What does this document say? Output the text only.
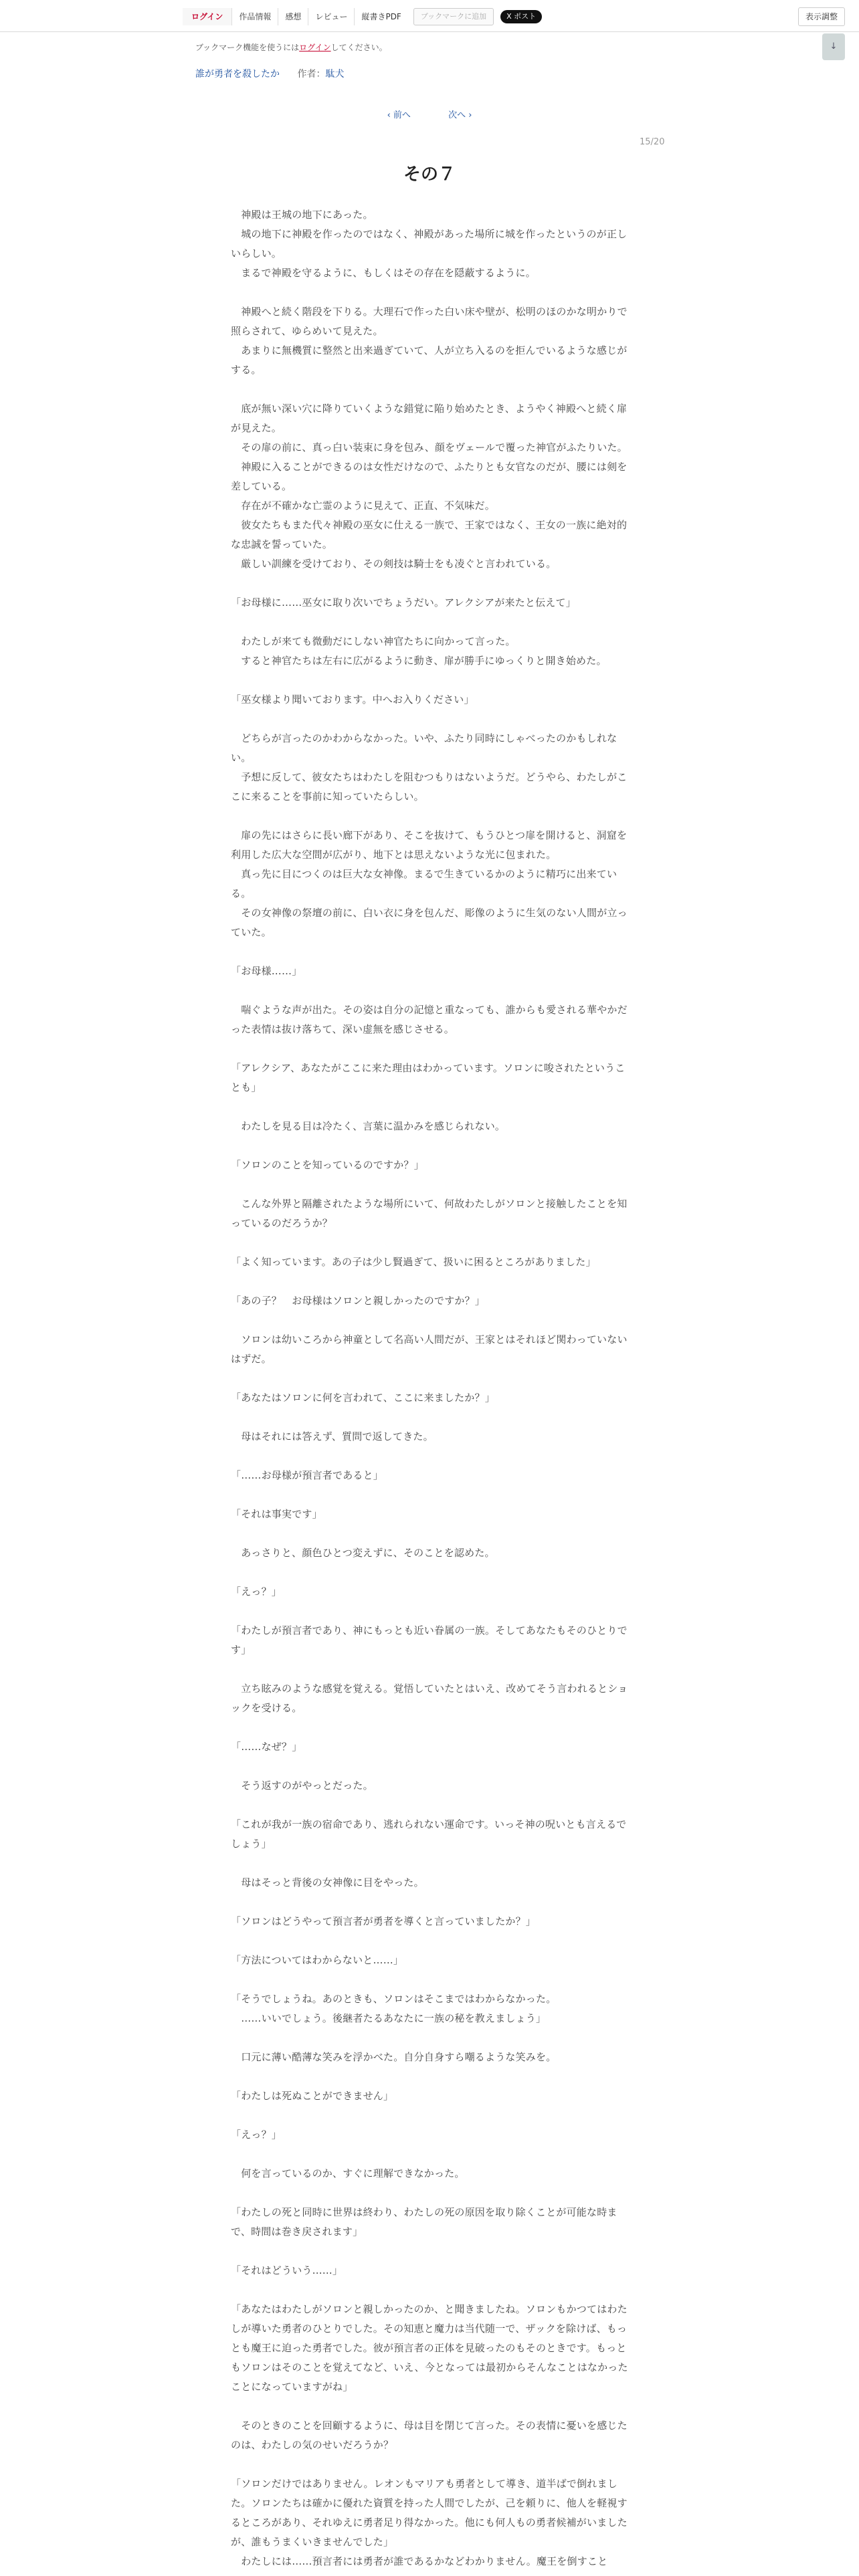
ログイン	作品情報	感想	レビュー	縦書きPDF	ブックマークに追加	X ポスト	表示調整
ブックマーク機能を使うにはログインしてください。	↓
誰が勇者を殺したか 作者：駄犬
‹ 前へ	次へ ›
15/20
その７

　神殿は王城の地下にあった。

　城の地下に神殿を作ったのではなく、神殿があった場所に城を作ったというのが正しいらしい。

　まるで神殿を守るように、もしくはその存在を隠蔽するように。

　神殿へと続く階段を下りる。大理石で作った白い床や壁が、松明のほのかな明かりで照らされて、ゆらめいて見えた。

　あまりに無機質に整然と出来過ぎていて、人が立ち入るのを拒んでいるような感じがする。

　底が無い深い穴に降りていくような錯覚に陥り始めたとき、ようやく神殿へと続く扉が見えた。

　その扉の前に、真っ白い装束に身を包み、顔をヴェールで覆った神官がふたりいた。

　神殿に入ることができるのは女性だけなので、ふたりとも女官なのだが、腰には剣を差している。

　存在が不確かな亡霊のように見えて、正直、不気味だ。

　彼女たちもまた代々神殿の巫女に仕える一族で、王家ではなく、王女の一族に絶対的な忠誠を誓っていた。

　厳しい訓練を受けており、その剣技は騎士をも凌ぐと言われている。

「お母様に……巫女に取り次いでちょうだい。アレクシアが来たと伝えて」

　わたしが来ても微動だにしない神官たちに向かって言った。

　すると神官たちは左右に広がるように動き、扉が勝手にゆっくりと開き始めた。

「巫女様より聞いております。中へお入りください」

　どちらが言ったのかわからなかった。いや、ふたり同時にしゃべったのかもしれない。

　予想に反して、彼女たちはわたしを阻むつもりはないようだ。どうやら、わたしがここに来ることを事前に知っていたらしい。

　扉の先にはさらに長い廊下があり、そこを抜けて、もうひとつ扉を開けると、洞窟を利用した広大な空間が広がり、地下とは思えないような光に包まれた。

　真っ先に目につくのは巨大な女神像。まるで生きているかのように精巧に出来ている。

　その女神像の祭壇の前に、白い衣に身を包んだ、彫像のように生気のない人間が立っていた。

「お母様……」

　喘ぐような声が出た。その姿は自分の記憶と重なっても、誰からも愛される華やかだった表情は抜け落ちて、深い虚無を感じさせる。

「アレクシア、あなたがここに来た理由はわかっています。ソロンに唆されたということも」

　わたしを見る目は冷たく、言葉に温かみを感じられない。

「ソロンのことを知っているのですか？」

　こんな外界と隔離されたような場所にいて、何故わたしがソロンと接触したことを知っているのだろうか？

「よく知っています。あの子は少し賢過ぎて、扱いに困るところがありました」

「あの子？　お母様はソロンと親しかったのですか？」

　ソロンは幼いころから神童として名高い人間だが、王家とはそれほど関わっていないはずだ。

「あなたはソロンに何を言われて、ここに来ましたか？」

　母はそれには答えず、質問で返してきた。

「……お母様が預言者であると」

「それは事実です」

　あっさりと、顔色ひとつ変えずに、そのことを認めた。

「えっ？」

「わたしが預言者であり、神にもっとも近い眷属の一族。そしてあなたもそのひとりです」

　立ち眩みのような感覚を覚える。覚悟していたとはいえ、改めてそう言われるとショックを受ける。

「……なぜ？」

　そう返すのがやっとだった。

「これが我が一族の宿命であり、逃れられない運命です。いっそ神の呪いとも言えるでしょう」

　母はそっと背後の女神像に目をやった。

「ソロンはどうやって預言者が勇者を導くと言っていましたか？」

「方法についてはわからないと……」

「そうでしょうね。あのときも、ソロンはそこまではわからなかった。

　……いいでしょう。後継者たるあなたに一族の秘を教えましょう」

　口元に薄い酷薄な笑みを浮かべた。自分自身すら嘲るような笑みを。

「わたしは死ぬことができません」

「えっ？」

　何を言っているのか、すぐに理解できなかった。

「わたしの死と同時に世界は終わり、わたしの死の原因を取り除くことが可能な時まで、時間は巻き戻されます」

「それはどういう……」

「あなたはわたしがソロンと親しかったのか、と聞きましたね。ソロンもかつてはわたしが導いた勇者のひとりでした。その知恵と魔力は当代随一で、ザックを除けば、もっとも魔王に迫った勇者でした。彼が預言者の正体を見破ったのもそのときです。もっともソロンはそのことを覚えてなど、いえ、今となっては最初からそんなことはなかったことになっていますがね」

　そのときのことを回顧するように、母は目を閉じて言った。その表情に憂いを感じたのは、わたしの気のせいだろうか？

「ソロンだけではありません。レオンもマリアも勇者として導き、道半ばで倒れました。ソロンたちは確かに優れた資質を持った人間でしたが、己を頼りに、他人を軽視するところがあり、それゆえに勇者足り得なかった。他にも何人もの勇者候補がいましたが、誰もうまくいきませんでした」

　わたしには……預言者には勇者が誰であるかなどわかりません。魔王を倒すこと
